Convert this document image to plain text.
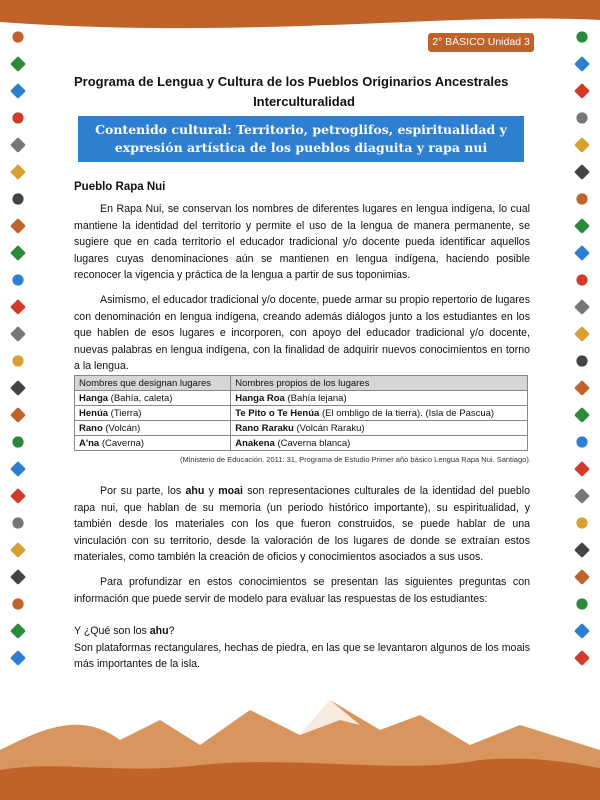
2° BÁSICO Unidad 3
Programa de Lengua y Cultura de los Pueblos Originarios Ancestrales
Interculturalidad
Contenido cultural: Territorio, petroglifos, espiritualidad y
expresión artística de los pueblos diaguita y rapa nui
Pueblo Rapa Nui
En Rapa Nui, se conservan los nombres de diferentes lugares en lengua indígena, lo cual mantiene la identidad del territorio y permite el uso de la lengua de manera permanente, se sugiere que en cada territorio el educador tradicional y/o docente pueda identificar aquellos lugares cuyas denominaciones aún se mantienen en lengua indígena, haciendo posible reconocer la vigencia y práctica de la lengua a partir de sus toponimias.
Asimismo, el educador tradicional y/o docente, puede armar su propio repertorio de lugares con denominación en lengua indígena, creando además diálogos junto a los estudiantes en los que hablen de esos lugares e incorporen, con apoyo del educador tradicional y/o docente, nuevas palabras en lengua indígena, con la finalidad de adquirir nuevos conocimientos en torno a la lengua.
Nombres que designan lugares	Nombres propios de los lugares
Hanga (Bahía, caleta)	Hanga Roa (Bahía lejana)
Henúa (Tierra)	Te Pito o Te Henúa (El ombligo de la tierra). (Isla de Pascua)
Rano (Volcán)	Rano Raraku (Volcán Raraku)
A'na (Caverna)	Anakena (Caverna blanca)
(Ministerio de Educación. 2011: 31, Programa de Estudio Primer año básico Lengua Rapa Nui. Santiago).
Por su parte, los ahu y moai son representaciones culturales de la identidad del pueblo rapa nui, que hablan de su memoria (un periodo histórico importante), su espiritualidad, y también desde los materiales con los que fueron construidos, se puede hablar de una vinculación con su territorio, desde la valoración de los lugares de donde se extraían estos materiales, como también la creación de oficios y conocimientos asociados a sus usos.
Para profundizar en estos conocimientos se presentan las siguientes preguntas con información que puede servir de modelo para evaluar las respuestas de los estudiantes:
Y ¿Qué son los ahu?
Son plataformas rectangulares, hechas de piedra, en las que se levantaron algunos de los moais más importantes de la isla.
